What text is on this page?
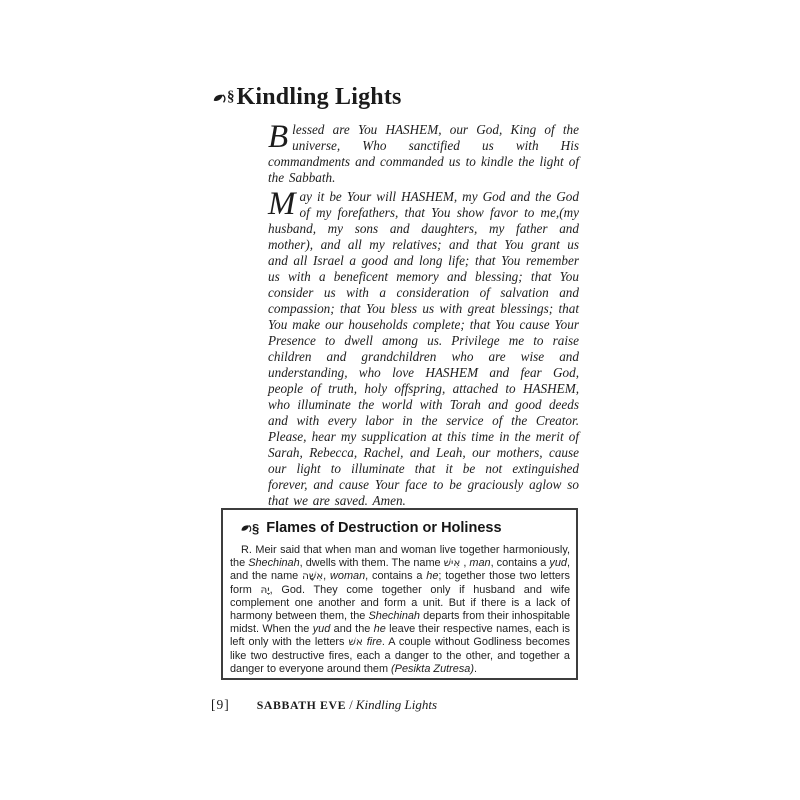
§ Kindling Lights

Blessed are You HASHEM, our God, King of the universe, Who sanctified us with His commandments and commanded us to kindle the light of the Sabbath.

May it be Your will HASHEM, my God and the God of my forefathers, that You show favor to me,(my husband, my sons and daughters, my father and mother), and all my relatives; and that You grant us and all Israel a good and long life; that You remember us with a beneficent memory and blessing; that You consider us with a consideration of salvation and compassion; that You bless us with great blessings; that You make our households complete; that You cause Your Presence to dwell among us. Privilege me to raise children and grandchildren who are wise and understanding, who love HASHEM and fear God, people of truth, holy offspring, attached to HASHEM, who illuminate the world with Torah and good deeds and with every labor in the service of the Creator. Please, hear my supplication at this time in the merit of Sarah, Rebecca, Rachel, and Leah, our mothers, cause our light to illuminate that it be not extinguished forever, and cause Your face to be graciously aglow so that we are saved. Amen.

§ Flames of Destruction or Holiness

R. Meir said that when man and woman live together harmoniously, the Shechinah, dwells with them. The name אִישׁ , man, contains a yud, and the name אִשָּׁה, woman, contains a he; together those two letters form יָהּ, God. They come together only if husband and wife complement one another and form a unit. But if there is a lack of harmony between them, the Shechinah departs from their inhospitable midst. When the yud and the he leave their respective names, each is left only with the letters אשׁ fire. A couple without Godliness becomes like two destructive fires, each a danger to the other, and together a danger to everyone around them (Pesikta Zutresa).

[9] SABBATH EVE / Kindling Lights
